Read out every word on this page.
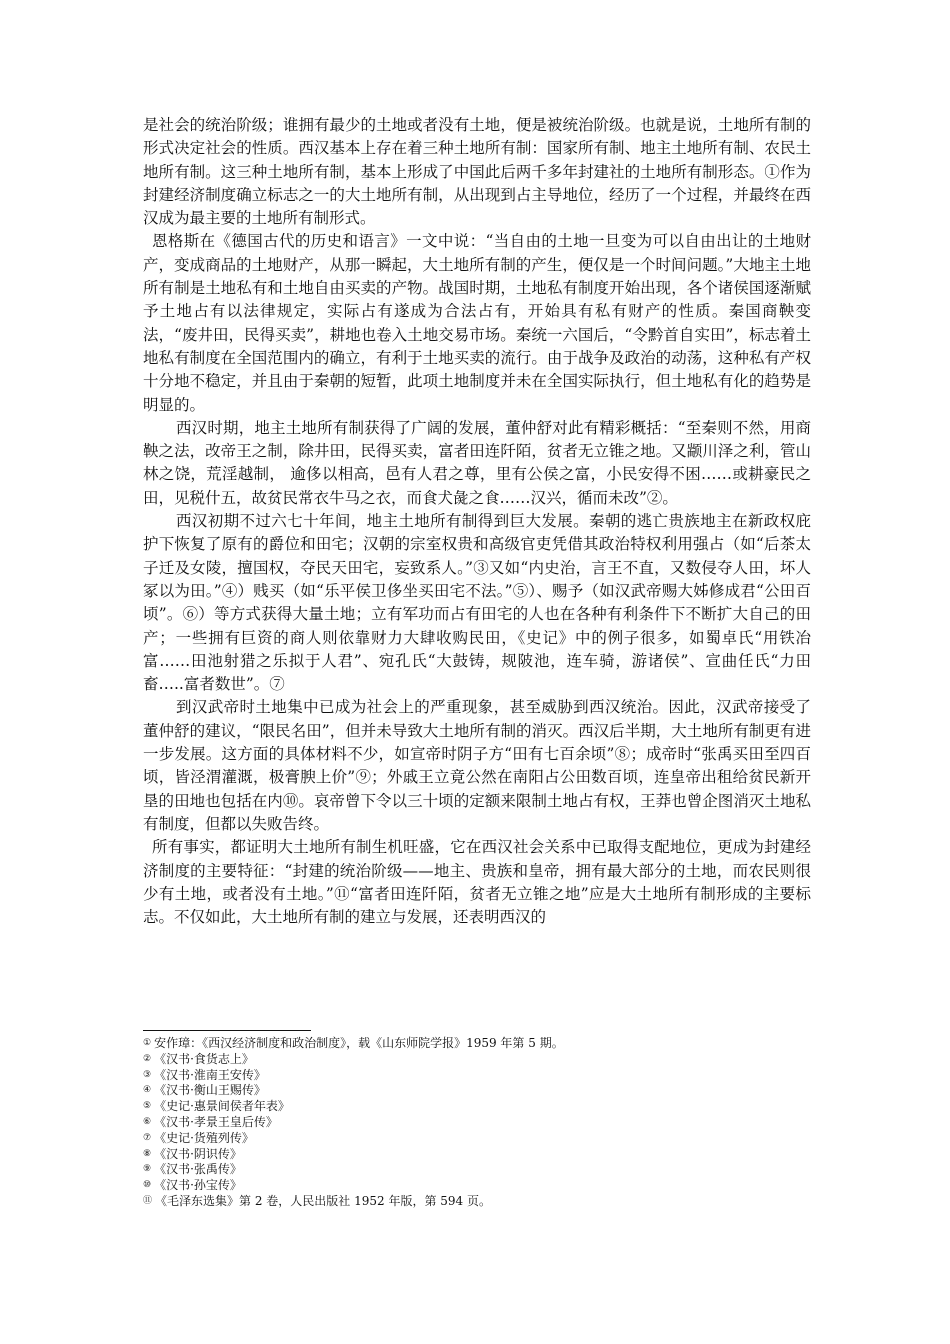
是社会的统治阶级；谁拥有最少的土地或者没有土地，便是被统治阶级。也就是说，土地所有制的形式决定社会的性质。西汉基本上存在着三种土地所有制：国家所有制、地主土地所有制、农民土地所有制。这三种土地所有制，基本上形成了中国此后两千多年封建社的土地所有制形态。①作为封建经济制度确立标志之一的大土地所有制，从出现到占主导地位，经历了一个过程，并最终在西汉成为最主要的土地所有制形式。

恩格斯在《德国古代的历史和语言》一文中说：“当自由的土地一旦变为可以自由出让的土地财产，变成商品的土地财产，从那一瞬起，大土地所有制的产生，便仅是一个时间问题。”大地主土地所有制是土地私有和土地自由买卖的产物。战国时期，土地私有制度开始出现，各个诸侯国逐渐赋予土地占有以法律规定，实际占有遂成为合法占有，开始具有私有财产的性质。秦国商鞅变法，“废井田，民得买卖”，耕地也卷入土地交易市场。秦统一六国后，“令黔首自实田”，标志着土地私有制度在全国范围内的确立，有利于土地买卖的流行。由于战争及政治的动荡，这种私有产权十分地不稳定，并且由于秦朝的短暂，此项土地制度并未在全国实际执行，但土地私有化的趋势是明显的。

西汉时期，地主土地所有制获得了广阔的发展，董仲舒对此有精彩概括：“至秦则不然，用商鞅之法，改帝王之制，除井田，民得买卖，富者田连阡陌，贫者无立锥之地。又颛川泽之利，管山林之饶，荒淫越制， 逾侈以相高，邑有人君之尊，里有公侯之富，小民安得不困……或耕豪民之田，见税什五，故贫民常衣牛马之衣，而食犬彘之食……汉兴，循而未改”②。

西汉初期不过六七十年间，地主土地所有制得到巨大发展。秦朝的逃亡贵族地主在新政权庇护下恢复了原有的爵位和田宅；汉朝的宗室权贵和高级官吏凭借其政治特权利用强占（如“后茶太子迁及女陵，擅国权，夺民天田宅，妄致系人。”③又如“内史治，言王不直，又数侵夺人田，坏人冢以为田。”④）贱买（如“乐平侯卫侈坐买田宅不法。”⑤）、赐予（如汉武帝赐大姊修成君“公田百顷”。⑥）等方式获得大量土地；立有军功而占有田宅的人也在各种有利条件下不断扩大自己的田产；一些拥有巨资的商人则依靠财力大肆收购民田，《史记》中的例子很多，如蜀卓氏“用铁冶富……田池射猎之乐拟于人君”、宛孔氏“大鼓铸，规陂池，连车骑，游诸侯”、宣曲任氏“力田畜…..富者数世”。⑦

到汉武帝时土地集中已成为社会上的严重现象，甚至威胁到西汉统治。因此，汉武帝接受了董仲舒的建议，“限民名田”，但并未导致大土地所有制的消灭。西汉后半期，大土地所有制更有进一步发展。这方面的具体材料不少，如宣帝时阴子方“田有七百余顷”⑧；成帝时“张禹买田至四百顷，皆泾渭灌溉，极膏腴上价”⑨；外戚王立竟公然在南阳占公田数百顷，连皇帝出租给贫民新开垦的田地也包括在内⑩。哀帝曾下令以三十顷的定额来限制土地占有权，王莽也曾企图消灭土地私有制度，但都以失败告终。

所有事实，都证明大土地所有制生机旺盛，它在西汉社会关系中已取得支配地位，更成为封建经济制度的主要特征：“封建的统治阶级——地主、贵族和皇帝，拥有最大部分的土地，而农民则很少有土地，或者没有土地。”⑪“富者田连阡陌，贫者无立锥之地”应是大土地所有制形成的主要标志。不仅如此，大土地所有制的建立与发展，还表明西汉的

① 安作璋：《西汉经济制度和政治制度》，载《山东师院学报》1959 年第 5 期。
② 《汉书·食货志上》
③ 《汉书·淮南王安传》
④ 《汉书·衡山王赐传》
⑤ 《史记·惠景间侯者年表》
⑥ 《汉书·孝景王皇后传》
⑦ 《史记·货殖列传》
⑧ 《汉书·阴识传》
⑨ 《汉书·张禹传》
⑩ 《汉书·孙宝传》
⑪ 《毛泽东选集》第 2 卷，人民出版社 1952 年版，第 594 页。
